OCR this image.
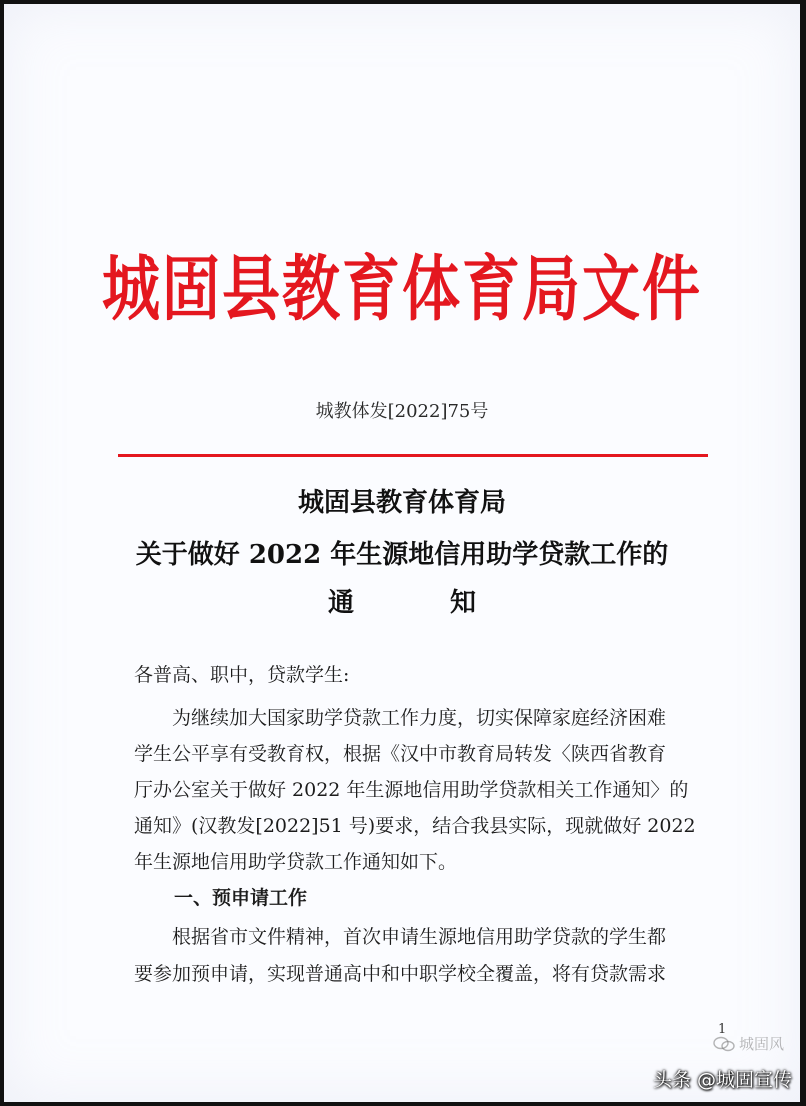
城固县教育体育局文件
城教体发[2022]75号
城固县教育体育局
关于做好 2022 年生源地信用助学贷款工作的
通知
各普高、职中，贷款学生:
　　为继续加大国家助学贷款工作力度，切实保障家庭经济困难
学生公平享有受教育权，根据《汉中市教育局转发〈陕西省教育
厅办公室关于做好 2022 年生源地信用助学贷款相关工作通知〉的
通知》(汉教发[2022]51 号)要求，结合我县实际，现就做好 2022
年生源地信用助学贷款工作通知如下。
一、预申请工作
　　根据省市文件精神，首次申请生源地信用助学贷款的学生都
要参加预申请，实现普通高中和中职学校全覆盖，将有贷款需求
1
城固风
头条 @城固宣传
